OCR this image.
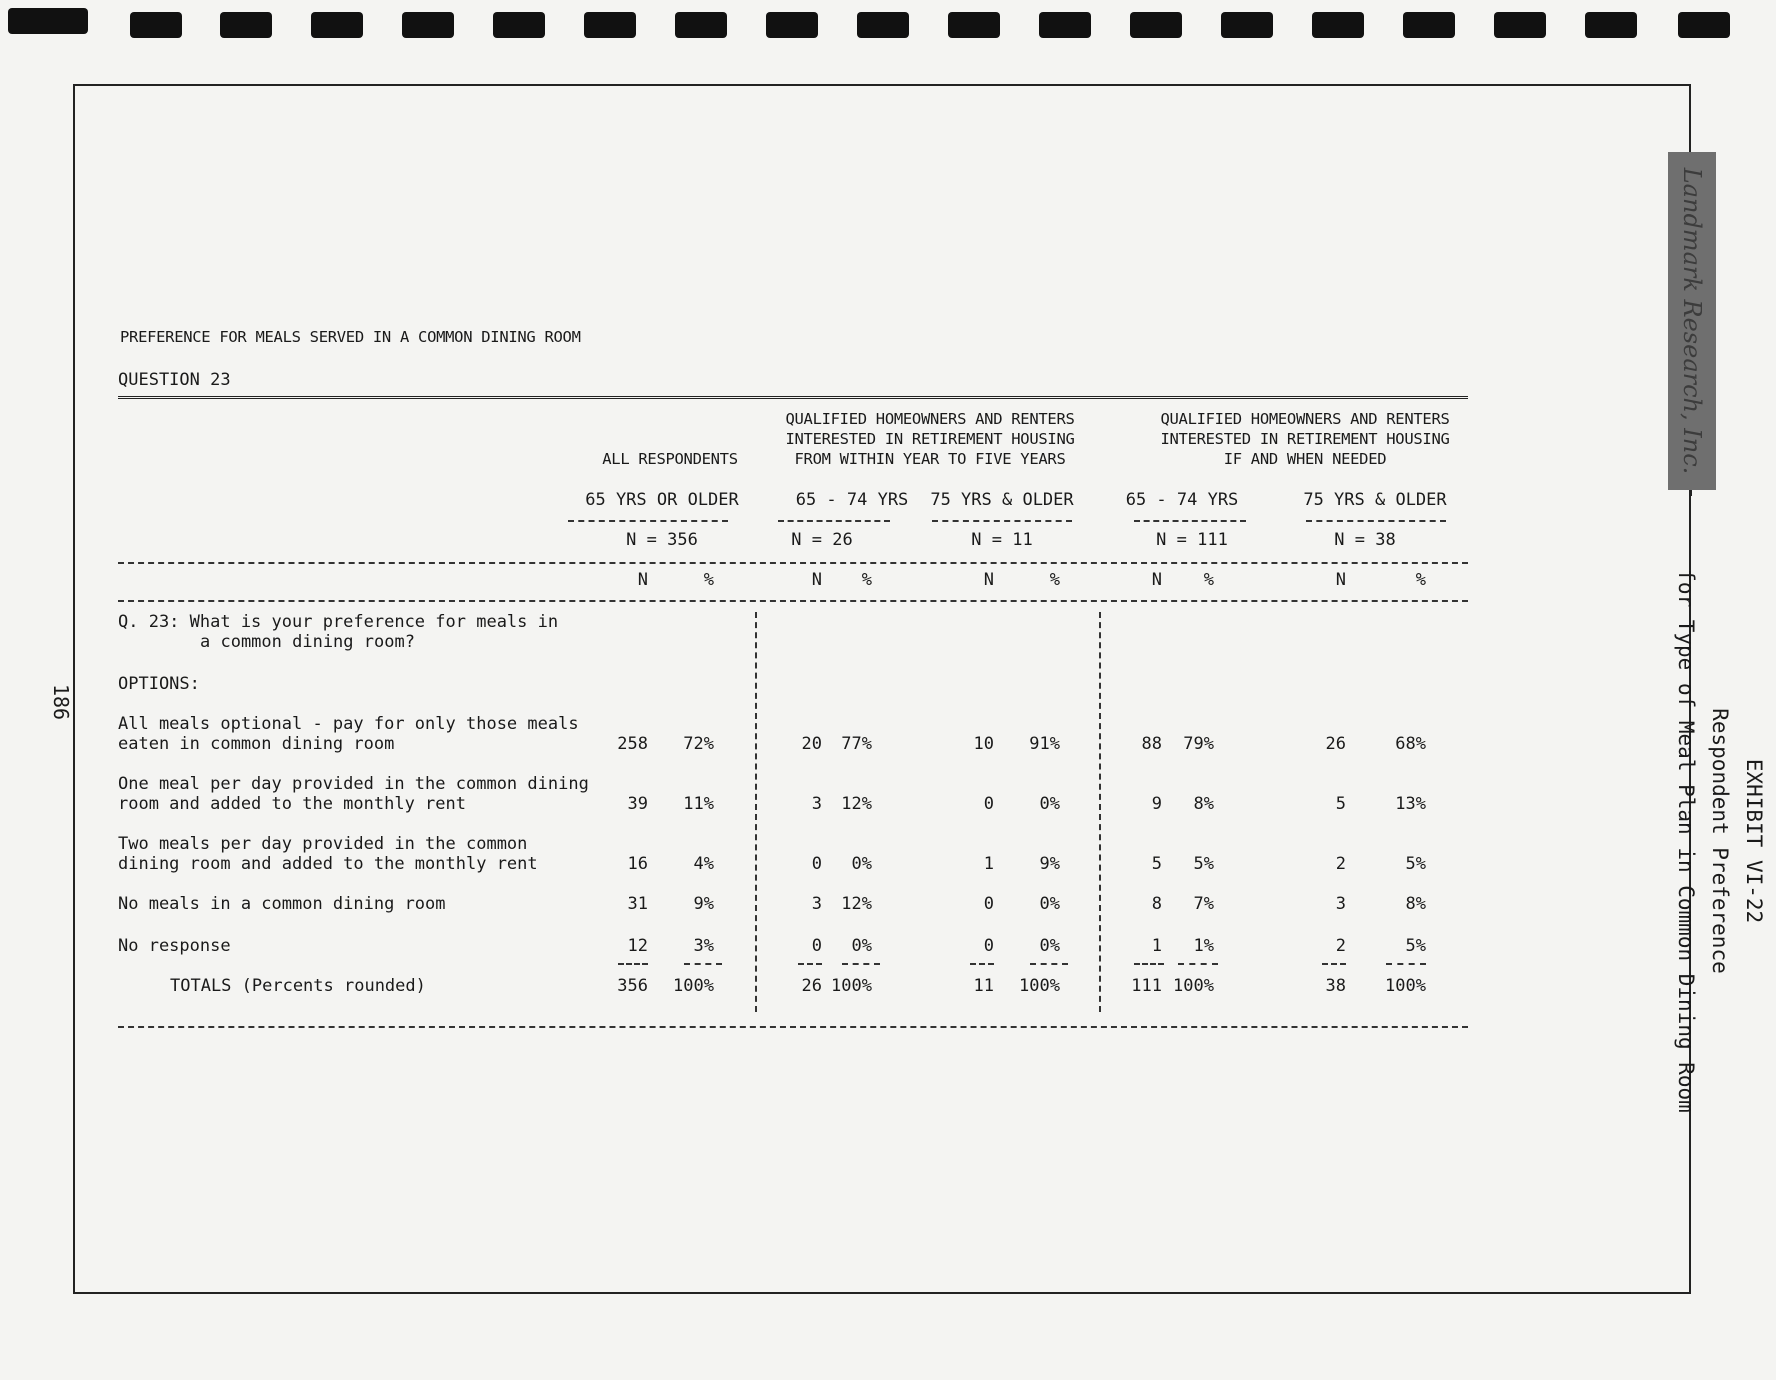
Landmark Research, Inc.
186
EXHIBIT VI-22
Respondent Preference
for Type of Meal Plan in Common Dining Room
PREFERENCE FOR MEALS SERVED IN A COMMON DINING ROOM
QUESTION 23
QUALIFIED HOMEOWNERS AND RENTERS
INTERESTED IN RETIREMENT HOUSING
FROM WITHIN YEAR TO FIVE YEARS
QUALIFIED HOMEOWNERS AND RENTERS
INTERESTED IN RETIREMENT HOUSING
IF AND WHEN NEEDED
ALL RESPONDENTS
65 YRS OR OLDER	65 - 74 YRS	75 YRS & OLDER	65 - 74 YRS	75 YRS & OLDER
N = 356	N = 26	N = 11	N = 111	N = 38
N	%	N	%	N	%	N	%	N	%
Q. 23: What is your preference for meals in
a common dining room?
OPTIONS:
All meals optional - pay for only those meals
eaten in common dining room	258	72%	20	77%	10	91%	88	79%	26	68%
One meal per day provided in the common dining
room and added to the monthly rent	39	11%	3	12%	0	0%	9	8%	5	13%
Two meals per day provided in the common
dining room and added to the monthly rent	16	4%	0	0%	1	9%	5	5%	2	5%
No meals in a common dining room	31	9%	3	12%	0	0%	8	7%	3	8%
No response	12	3%	0	0%	0	0%	1	1%	2	5%
TOTALS (Percents rounded)	356	100%	26 100%	11	100%	111 100%	38	100%
